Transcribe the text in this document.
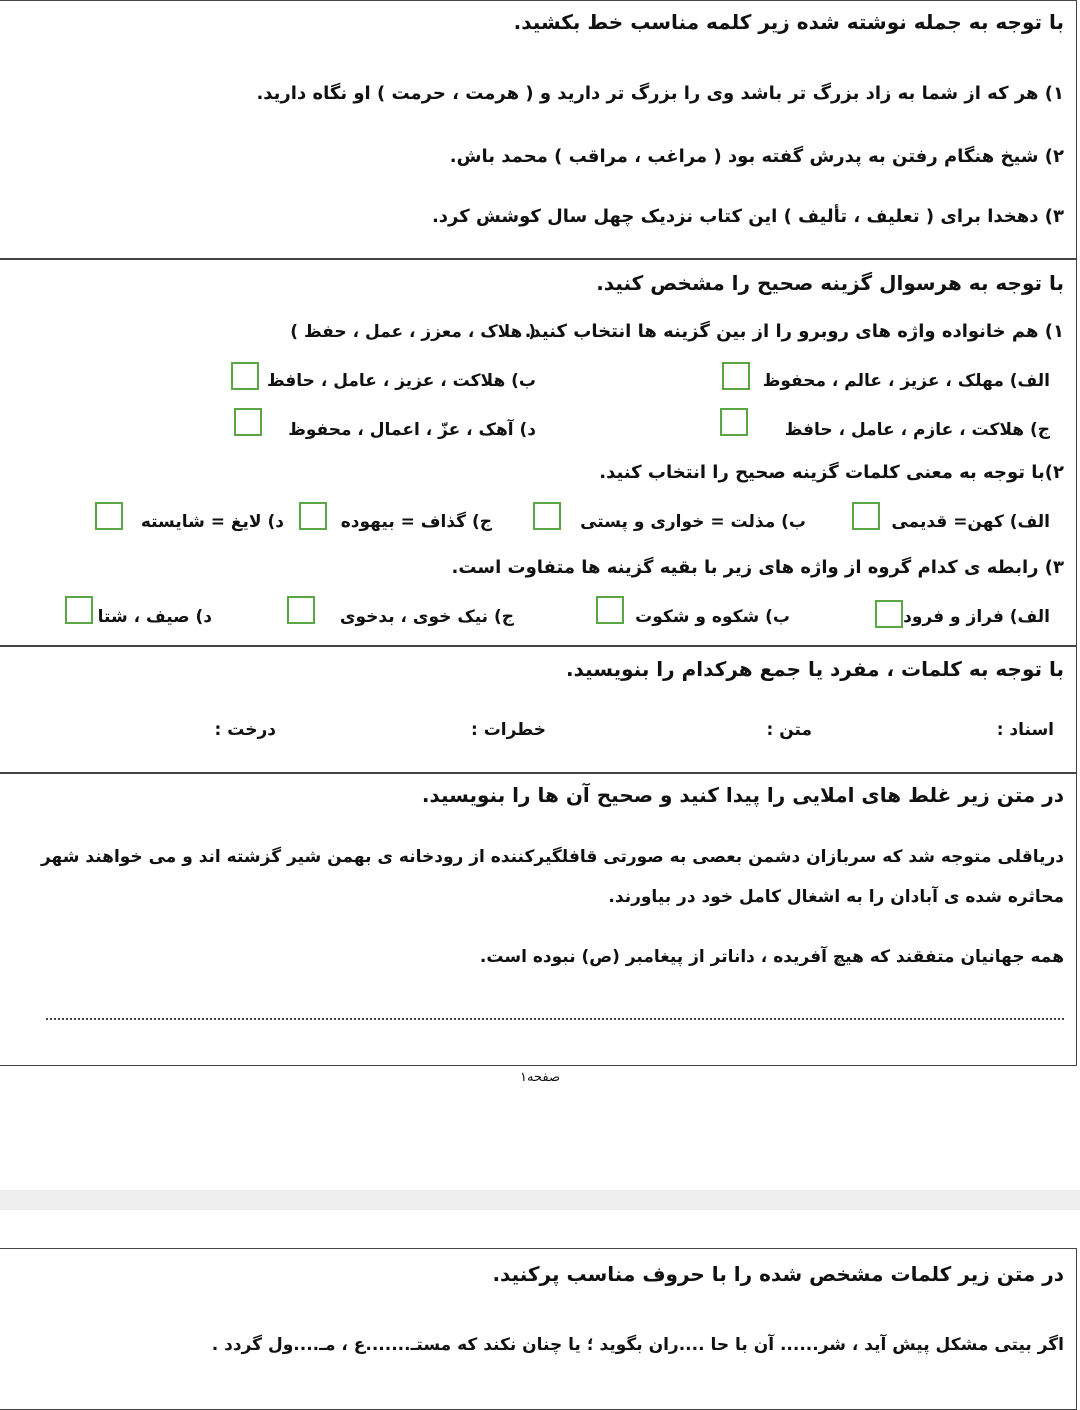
با توجه به جمله نوشته شده زیر کلمه مناسب خط بکشید.
۱) هر که از شما به زاد بزرگ تر باشد وی را بزرگ تر دارید و ( هرمت ، حرمت ) او نگاه دارید.
۲) شیخ هنگام رفتن به پدرش گفته بود ( مراغب ، مراقب ) محمد باش.
۳) دهخدا برای ( تعلیف ، تألیف ) این کتاب نزدیک چهل سال کوشش کرد.
با توجه به هرسوال گزینه صحیح را مشخص کنید.
۱) هم خانواده واژه های روبرو را از بین گزینه ها انتخاب کنید.
( هلاک ، معزز ، عمل ، حفظ )
الف) مهلک ، عزیز ، عالم ، محفوظ
ب) هلاکت ، عزیز ، عامل ، حافظ
ج) هلاکت ، عازم ، عامل ، حافظ
د) آهک ، عزّ ، اعمال ، محفوظ
۲)با توجه به معنی کلمات گزینه صحیح را انتخاب کنید.
الف) کهن= قدیمی
ب) مذلت = خواری و پستی
ج) گذاف = بیهوده
د) لایغ = شایسته
۳) رابطه ی کدام گروه از واژه های زیر با بقیه گزینه ها متفاوت است.
الف) فراز و فرود
ب) شکوه و شکوت
ج) نیک خوی ، بدخوی
د) صیف ، شتا
با توجه به کلمات ، مفرد یا جمع هرکدام را بنویسید.
اسناد :
متن :
خطرات :
درخت :
در متن زیر غلط های املایی را پیدا کنید و صحیح آن ها را بنویسید.
دریاقلی متوجه شد که سربازان دشمن بعصی به صورتی قافلگیرکننده از رودخانه ی بهمن شیر گزشته اند و می خواهند شهر
محاثره شده ی آبادان را به اشغال کامل خود در بیاورند.
همه جهانیان متفقند که هیچ آفریده ، داناتر از پیغامبر (ص) نبوده است.
صفحه۱
در متن زیر کلمات مشخص شده را با حروف مناسب پرکنید.
اگر بیتی مشکل پیش آید ، شر...... آن با حا ....ران بگوید ؛ یا چنان نکند که مستـ.......ع ، مـ....ول گردد .
